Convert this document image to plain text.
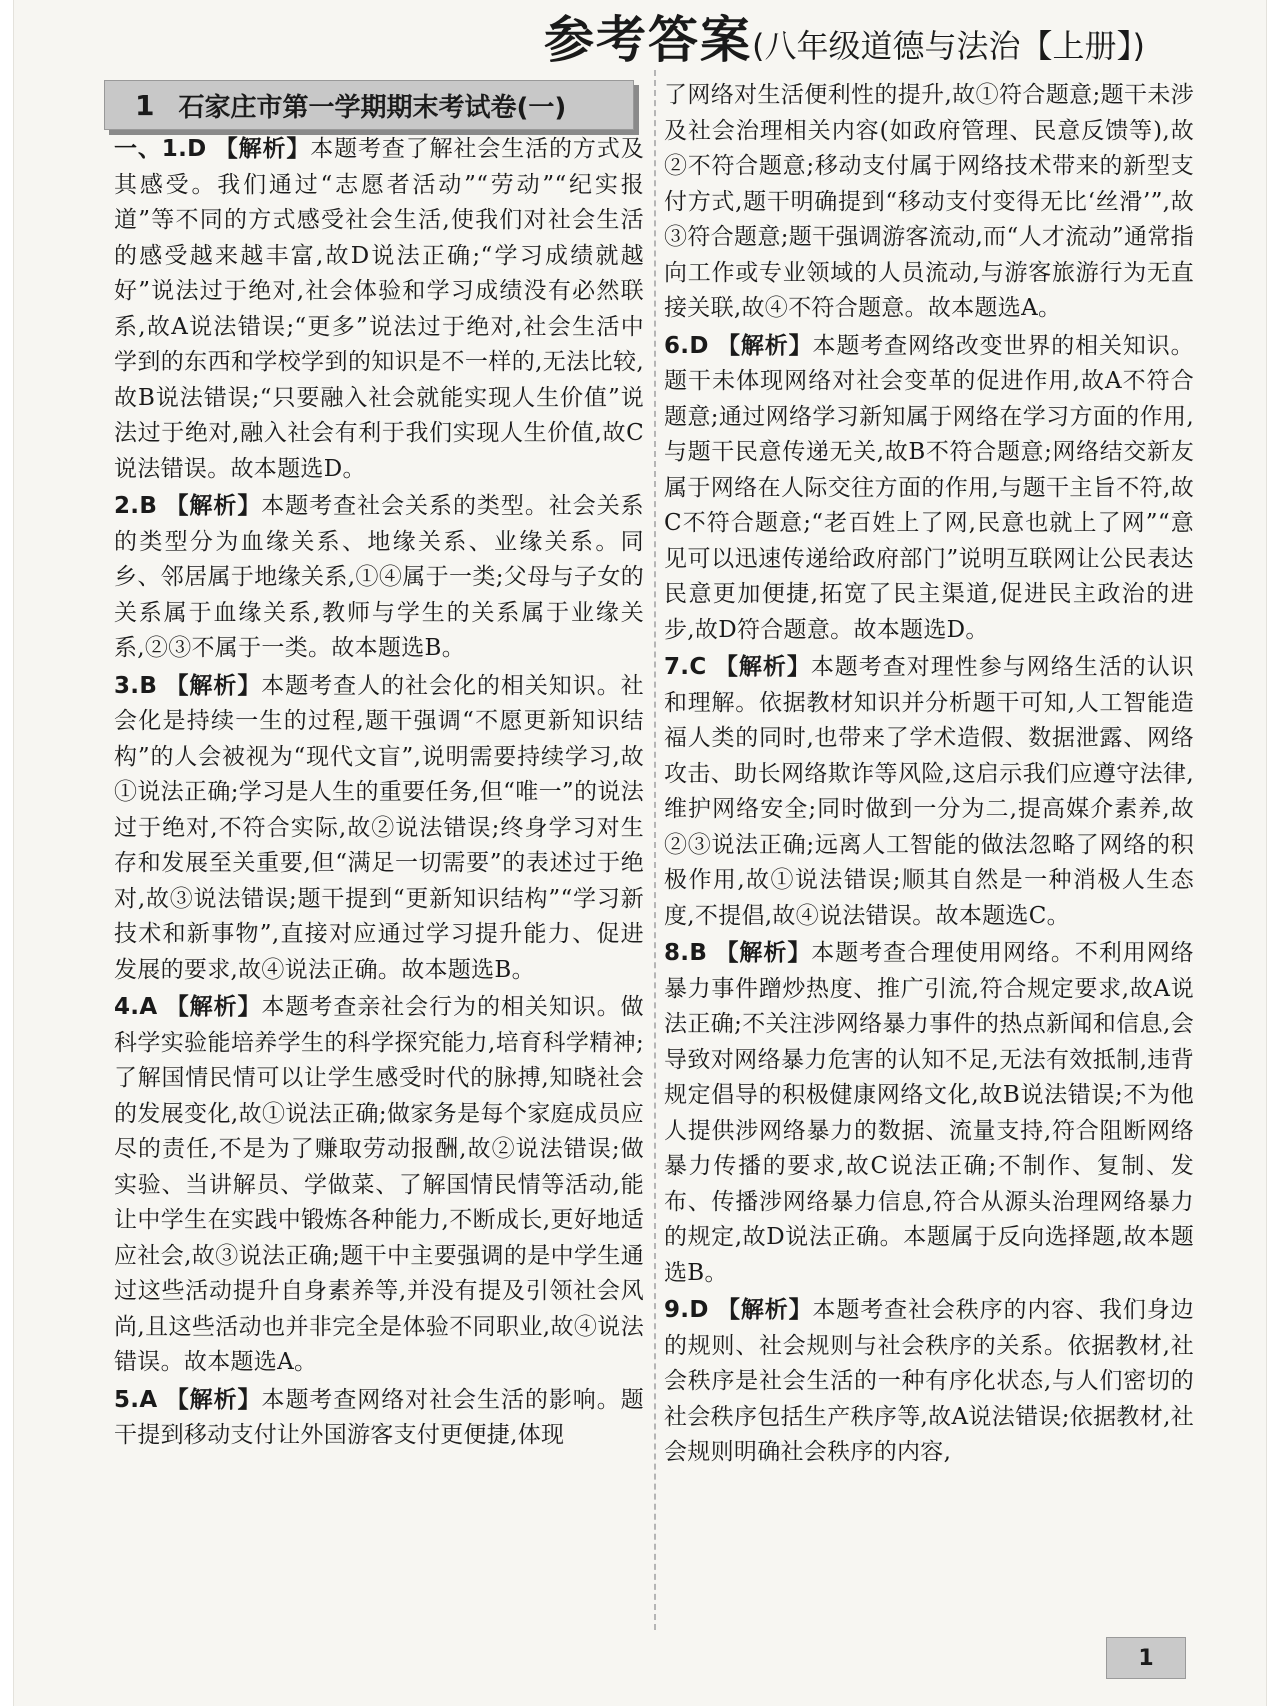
参考答案(八年级道德与法治【上册】)
1 石家庄市第一学期期末考试卷(一)

一、1.D 【解析】本题考查了解社会生活的方式及其感受。我们通过“志愿者活动”“劳动”“纪实报道”等不同的方式感受社会生活,使我们对社会生活的感受越来越丰富,故D说法正确;“学习成绩就越好”说法过于绝对,社会体验和学习成绩没有必然联系,故A说法错误;“更多”说法过于绝对,社会生活中学到的东西和学校学到的知识是不一样的,无法比较,故B说法错误;“只要融入社会就能实现人生价值”说法过于绝对,融入社会有利于我们实现人生价值,故C说法错误。故本题选D。

2.B 【解析】本题考查社会关系的类型。社会关系的类型分为血缘关系、地缘关系、业缘关系。同乡、邻居属于地缘关系,①④属于一类;父母与子女的关系属于血缘关系,教师与学生的关系属于业缘关系,②③不属于一类。故本题选B。

3.B 【解析】本题考查人的社会化的相关知识。社会化是持续一生的过程,题干强调“不愿更新知识结构”的人会被视为“现代文盲”,说明需要持续学习,故①说法正确;学习是人生的重要任务,但“唯一”的说法过于绝对,不符合实际,故②说法错误;终身学习对生存和发展至关重要,但“满足一切需要”的表述过于绝对,故③说法错误;题干提到“更新知识结构”“学习新技术和新事物”,直接对应通过学习提升能力、促进发展的要求,故④说法正确。故本题选B。

4.A 【解析】本题考查亲社会行为的相关知识。做科学实验能培养学生的科学探究能力,培育科学精神;了解国情民情可以让学生感受时代的脉搏,知晓社会的发展变化,故①说法正确;做家务是每个家庭成员应尽的责任,不是为了赚取劳动报酬,故②说法错误;做实验、当讲解员、学做菜、了解国情民情等活动,能让中学生在实践中锻炼各种能力,不断成长,更好地适应社会,故③说法正确;题干中主要强调的是中学生通过这些活动提升自身素养等,并没有提及引领社会风尚,且这些活动也并非完全是体验不同职业,故④说法错误。故本题选A。

5.A 【解析】本题考查网络对社会生活的影响。题干提到移动支付让外国游客支付更便捷,体现

了网络对生活便利性的提升,故①符合题意;题干未涉及社会治理相关内容(如政府管理、民意反馈等),故②不符合题意;移动支付属于网络技术带来的新型支付方式,题干明确提到“移动支付变得无比‘丝滑’”,故③符合题意;题干强调游客流动,而“人才流动”通常指向工作或专业领域的人员流动,与游客旅游行为无直接关联,故④不符合题意。故本题选A。

6.D 【解析】本题考查网络改变世界的相关知识。题干未体现网络对社会变革的促进作用,故A不符合题意;通过网络学习新知属于网络在学习方面的作用,与题干民意传递无关,故B不符合题意;网络结交新友属于网络在人际交往方面的作用,与题干主旨不符,故C不符合题意;“老百姓上了网,民意也就上了网”“意见可以迅速传递给政府部门”说明互联网让公民表达民意更加便捷,拓宽了民主渠道,促进民主政治的进步,故D符合题意。故本题选D。

7.C 【解析】本题考查对理性参与网络生活的认识和理解。依据教材知识并分析题干可知,人工智能造福人类的同时,也带来了学术造假、数据泄露、网络攻击、助长网络欺诈等风险,这启示我们应遵守法律,维护网络安全;同时做到一分为二,提高媒介素养,故②③说法正确;远离人工智能的做法忽略了网络的积极作用,故①说法错误;顺其自然是一种消极人生态度,不提倡,故④说法错误。故本题选C。

8.B 【解析】本题考查合理使用网络。不利用网络暴力事件蹭炒热度、推广引流,符合规定要求,故A说法正确;不关注涉网络暴力事件的热点新闻和信息,会导致对网络暴力危害的认知不足,无法有效抵制,违背规定倡导的积极健康网络文化,故B说法错误;不为他人提供涉网络暴力的数据、流量支持,符合阻断网络暴力传播的要求,故C说法正确;不制作、复制、发布、传播涉网络暴力信息,符合从源头治理网络暴力的规定,故D说法正确。本题属于反向选择题,故本题选B。

9.D 【解析】本题考查社会秩序的内容、我们身边的规则、社会规则与社会秩序的关系。依据教材,社会秩序是社会生活的一种有序化状态,与人们密切的社会秩序包括生产秩序等,故A说法错误;依据教材,社会规则明确社会秩序的内容,

1
